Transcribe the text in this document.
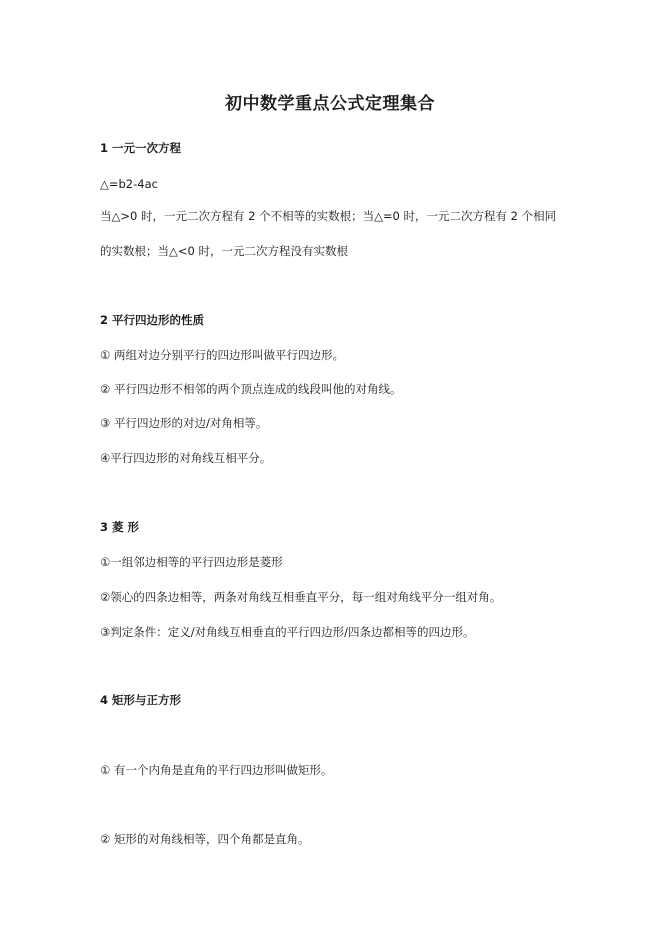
初中数学重点公式定理集合
1 一元一次方程
△=b2-4ac
当△>0 时，一元二次方程有 2 个不相等的实数根；当△=0 时，一元二次方程有 2 个相同
的实数根；当△<0 时，一元二次方程没有实数根
2 平行四边形的性质
① 两组对边分别平行的四边形叫做平行四边形。
② 平行四边形不相邻的两个顶点连成的线段叫他的对角线。
③ 平行四边形的对边/对角相等。
④平行四边形的对角线互相平分。
3 菱 形
①一组邻边相等的平行四边形是菱形
②领心的四条边相等，两条对角线互相垂直平分，每一组对角线平分一组对角。
③判定条件：定义/对角线互相垂直的平行四边形/四条边都相等的四边形。
4 矩形与正方形
① 有一个内角是直角的平行四边形叫做矩形。
② 矩形的对角线相等，四个角都是直角。
